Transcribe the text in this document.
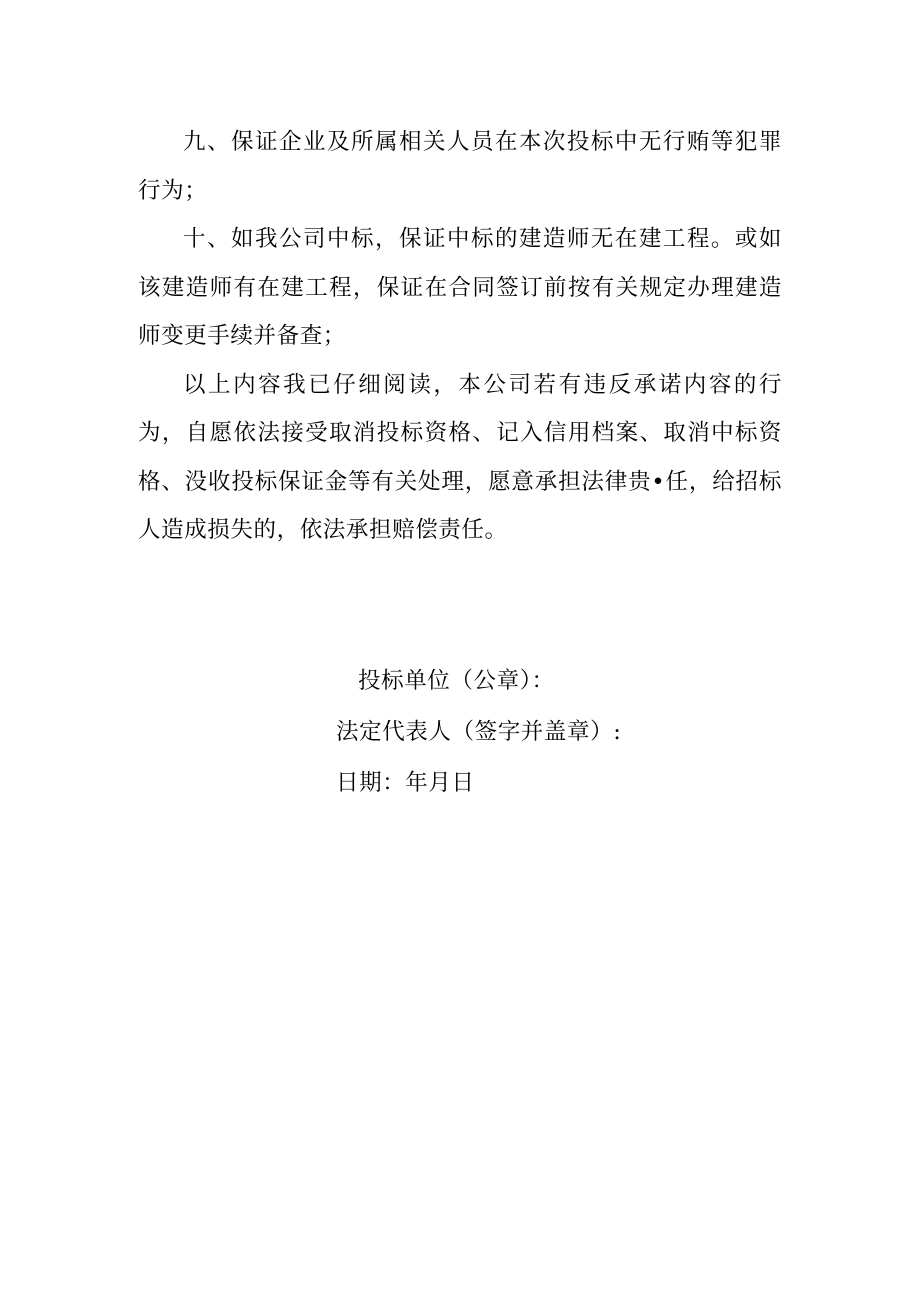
九、保证企业及所属相关人员在本次投标中无行贿等犯罪行为；

十、如我公司中标，保证中标的建造师无在建工程。或如该建造师有在建工程，保证在合同签订前按有关规定办理建造师变更手续并备查；

以上内容我已仔细阅读，本公司若有违反承诺内容的行为，自愿依法接受取消投标资格、记入信用档案、取消中标资格、没收投标保证金等有关处理，愿意承担法律贵•任，给招标人造成损失的，依法承担赔偿责任。

投标单位（公章）：
法定代表人（签字并盖章）:
日期：年月日
